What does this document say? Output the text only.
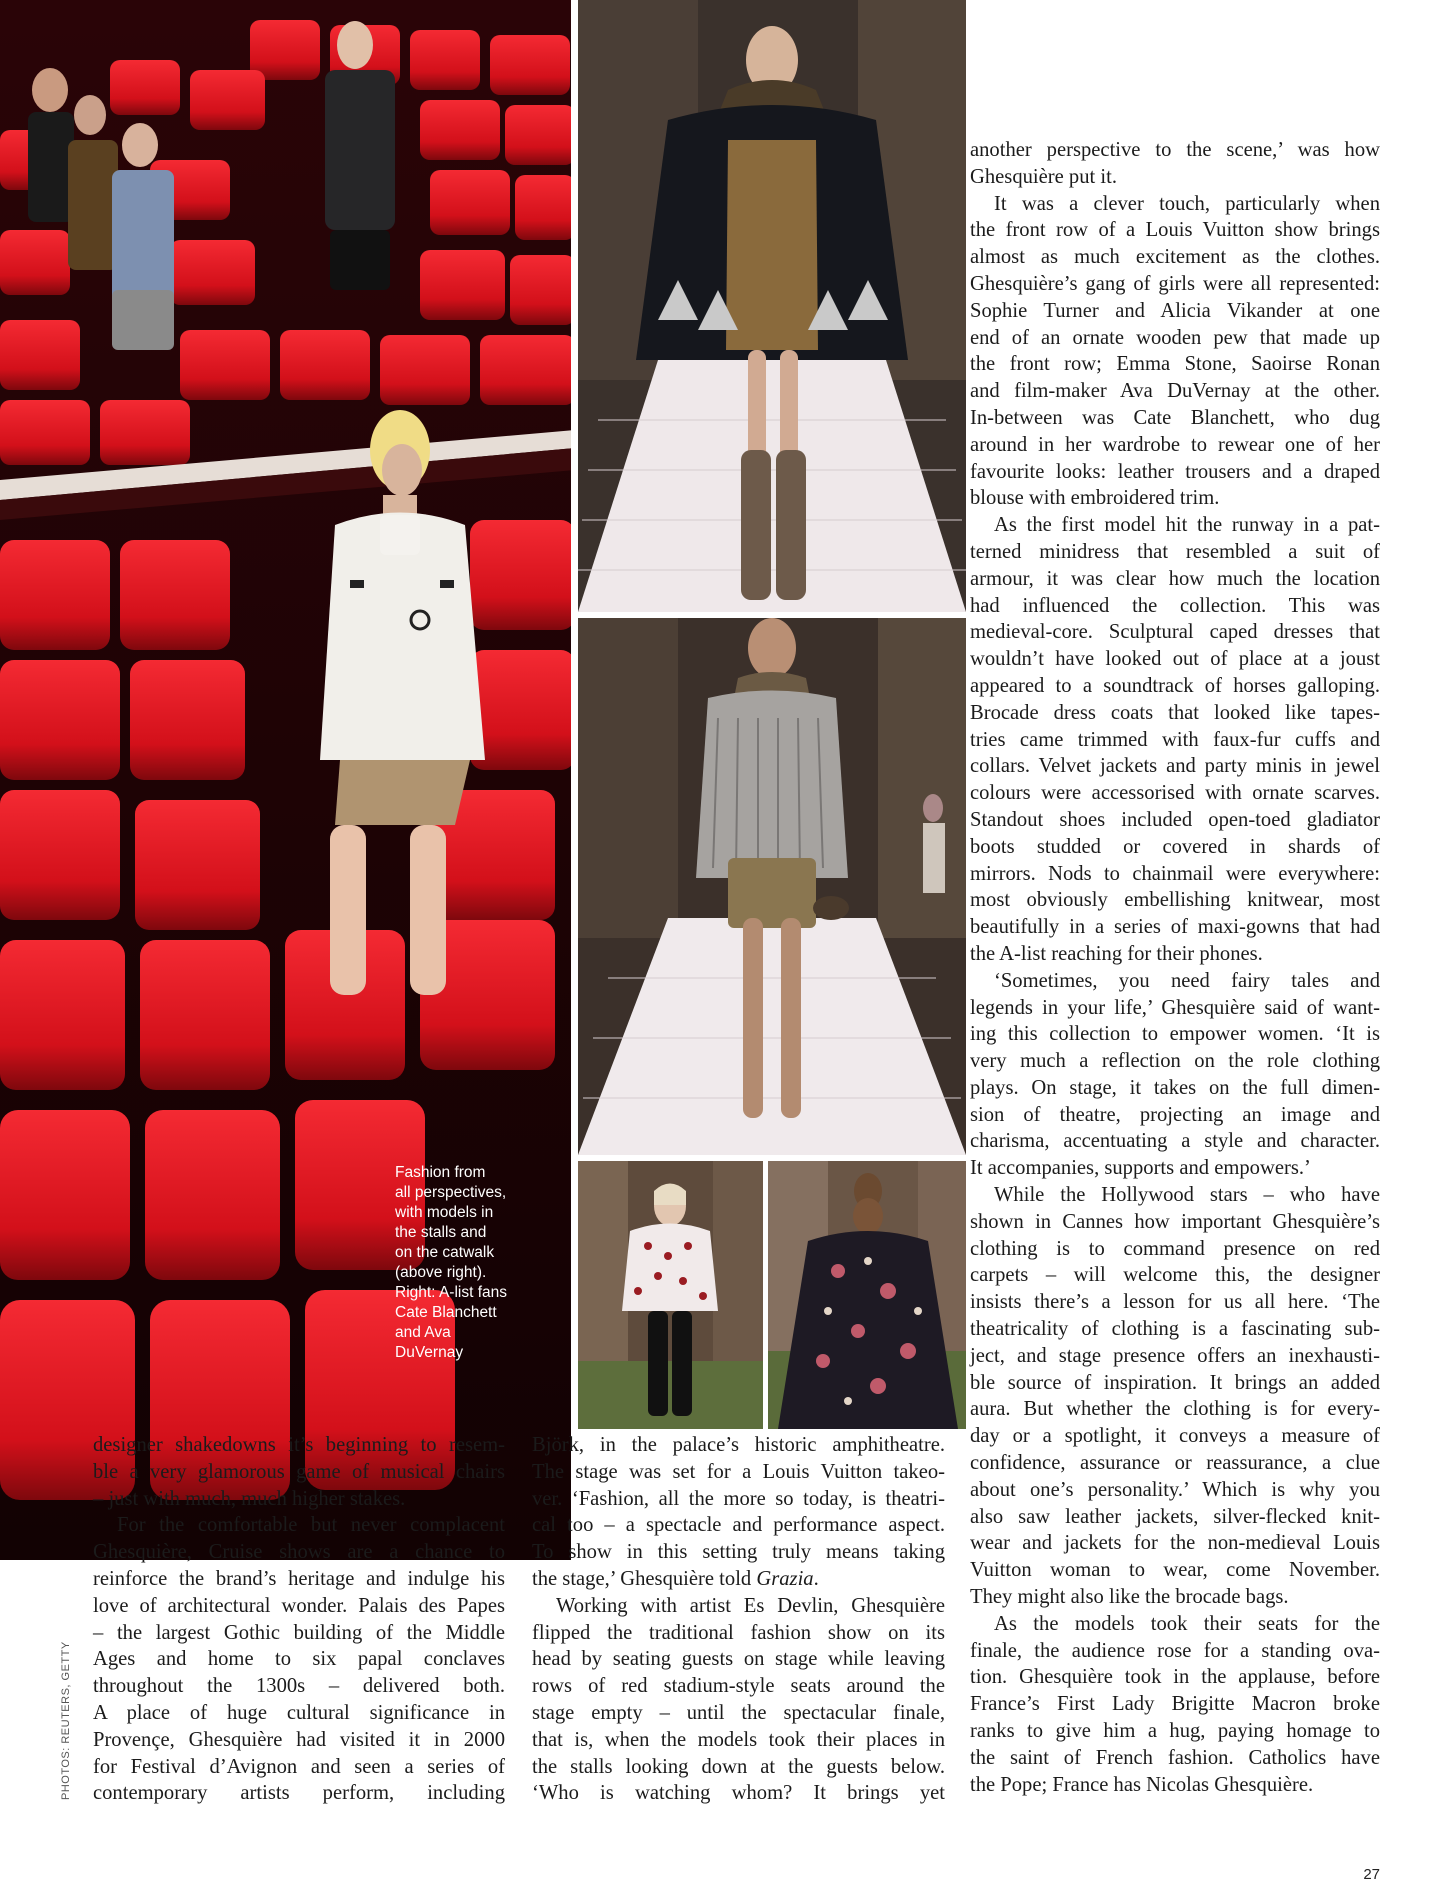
Fashion from
all perspectives,
with models in
the stalls and
on the catwalk
(above right).
Right: A-list fans
Cate Blanchett
and Ava
DuVernay
designer shakedowns it’s beginning to resem-
ble a very glamorous game of musical chairs
– just with much, much higher stakes.
For the comfortable but never complacent
Ghesquière, Cruise shows are a chance to
reinforce the brand’s heritage and indulge his
love of architectural wonder. Palais des Papes
– the largest Gothic building of the Middle
Ages and home to six papal conclaves
throughout the 1300s – delivered both.
A place of huge cultural significance in
Provençe, Ghesquière had visited it in 2000
for Festival d’Avignon and seen a series of
contemporary artists perform, including
Björk, in the palace’s historic amphitheatre.
The stage was set for a Louis Vuitton takeo-
ver. ‘Fashion, all the more so today, is theatri-
cal too – a spectacle and performance aspect.
To show in this setting truly means taking
the stage,’ Ghesquière told Grazia.
Working with artist Es Devlin, Ghesquière
flipped the traditional fashion show on its
head by seating guests on stage while leaving
rows of red stadium-style seats around the
stage empty – until the spectacular finale,
that is, when the models took their places in
the stalls looking down at the guests below.
‘Who is watching whom? It brings yet
another perspective to the scene,’ was how
Ghesquière put it.
It was a clever touch, particularly when
the front row of a Louis Vuitton show brings
almost as much excitement as the clothes.
Ghesquière’s gang of girls were all represented:
Sophie Turner and Alicia Vikander at one
end of an ornate wooden pew that made up
the front row; Emma Stone, Saoirse Ronan
and film-maker Ava DuVernay at the other.
In-between was Cate Blanchett, who dug
around in her wardrobe to rewear one of her
favourite looks: leather trousers and a draped
blouse with embroidered trim.
As the first model hit the runway in a pat-
terned minidress that resembled a suit of
armour, it was clear how much the location
had influenced the collection. This was
medieval-core. Sculptural caped dresses that
wouldn’t have looked out of place at a joust
appeared to a soundtrack of horses galloping.
Brocade dress coats that looked like tapes-
tries came trimmed with faux-fur cuffs and
collars. Velvet jackets and party minis in jewel
colours were accessorised with ornate scarves.
Standout shoes included open-toed gladiator
boots studded or covered in shards of
mirrors. Nods to chainmail were everywhere:
most obviously embellishing knitwear, most
beautifully in a series of maxi-gowns that had
the A-list reaching for their phones.
‘Sometimes, you need fairy tales and
legends in your life,’ Ghesquière said of want-
ing this collection to empower women. ‘It is
very much a reflection on the role clothing
plays. On stage, it takes on the full dimen-
sion of theatre, projecting an image and
charisma, accentuating a style and character.
It accompanies, supports and empowers.’
While the Hollywood stars – who have
shown in Cannes how important Ghesquière’s
clothing is to command presence on red
carpets – will welcome this, the designer
insists there’s a lesson for us all here. ‘The
theatricality of clothing is a fascinating sub-
ject, and stage presence offers an inexhausti-
ble source of inspiration. It brings an added
aura. But whether the clothing is for every-
day or a spotlight, it conveys a measure of
confidence, assurance or reassurance, a clue
about one’s personality.’ Which is why you
also saw leather jackets, silver-flecked knit-
wear and jackets for the non-medieval Louis
Vuitton woman to wear, come November.
They might also like the brocade bags.
As the models took their seats for the
finale, the audience rose for a standing ova-
tion. Ghesquière took in the applause, before
France’s First Lady Brigitte Macron broke
ranks to give him a hug, paying homage to
the saint of French fashion. Catholics have
the Pope; France has Nicolas Ghesquière.
PHOTOS: REUTERS, GETTY
27
